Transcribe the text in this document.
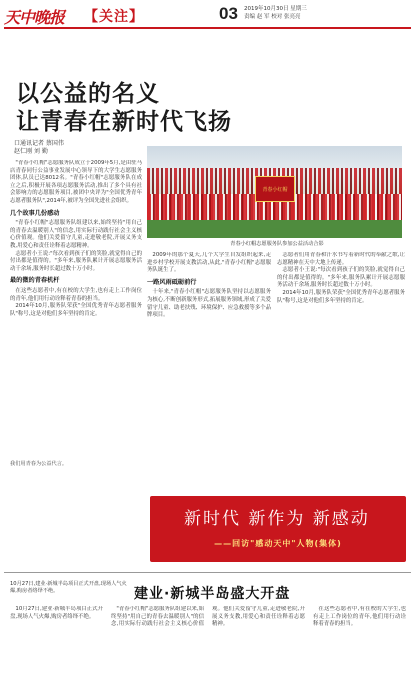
天中晚报 【关注】	03 2019年10月30日 星期三
责编 赵 军 校对 张亮亮
以公益的名义
让青春在新时代飞扬
口通讯记者 蔡国伟
赵仁刚 刘 勤

"青春小红帽"志愿服务队成立于2009年5月,是由驻马店青春同行公益事业发展中心领导下的大学生志愿服务团体,队员已达8012名。"青春小红帽"志愿服务队在成立之后,积极开展各项志愿服务活动,推出了多个具有社会影响力的志愿服务项目,被团中央评为"全国优秀青年志愿者服务队",2014年,被评为全国先进社会组织。

几个故事几份感动

"青春小红帽"志愿服务队组建以来,始终坚持"用自己的青春去温暖别人"的信念,用实际行动践行社会主义核心价值观。他们关爱留守儿童,走进敬老院,开展义务支教,用爱心和责任诠释着志愿精神。

志愿者小王说:"每次看到孩子们的笑脸,就觉得自己的付出都是值得的。"多年来,服务队累计开展志愿服务活动千余场,服务时长超过数十万小时。

最的微的青春机杆

在这些志愿者中,有在校的大学生,也有走上工作岗位的青年,他们用行动诠释着青春的担当。

2014年10月,服务队荣获"全国优秀青年志愿者服务队"称号,这是对他们多年坚持的肯定。

青春小红帽
青春小红帽志愿服务队参加公益活动合影

2009年的那个夏天,几个大学生自发组织起来,走进乡村学校开展支教活动,从此,"青春小红帽"志愿服务队诞生了。

一路风雨砥砺前行

十年来,"青春小红帽"志愿服务队坚持以志愿服务为核心,不断创新服务形式,拓展服务领域,形成了关爱留守儿童、助老扶残、环境保护、应急救援等多个品牌项目。

志愿者们用青春和汗水书写着新时代的奉献之歌,让志愿精神在天中大地上传递。

志愿者小王说:"每次看到孩子们的笑脸,就觉得自己的付出都是值得的。"多年来,服务队累计开展志愿服务活动千余场,服务时长超过数十万小时。

2014年10月,服务队荣获"全国优秀青年志愿者服务队"称号,这是对他们多年坚持的肯定。

我们用青春为公益代言。
新时代 新作为 新感动
——回访"感动天中"人物(集体)
10月27日,建业·新城半岛项目正式开盘,现场人气火爆,购房者络绎不绝。	建业·新城半岛盛大开盘

10月27日,建业·新城半岛项目正式开盘,现场人气火爆,购房者络绎不绝。

"青春小红帽"志愿服务队组建以来,始终坚持"用自己的青春去温暖别人"的信念,用实际行动践行社会主义核心价值观。他们关爱留守儿童,走进敬老院,开展义务支教,用爱心和责任诠释着志愿精神。

在这些志愿者中,有在校的大学生,也有走上工作岗位的青年,他们用行动诠释着青春的担当。
